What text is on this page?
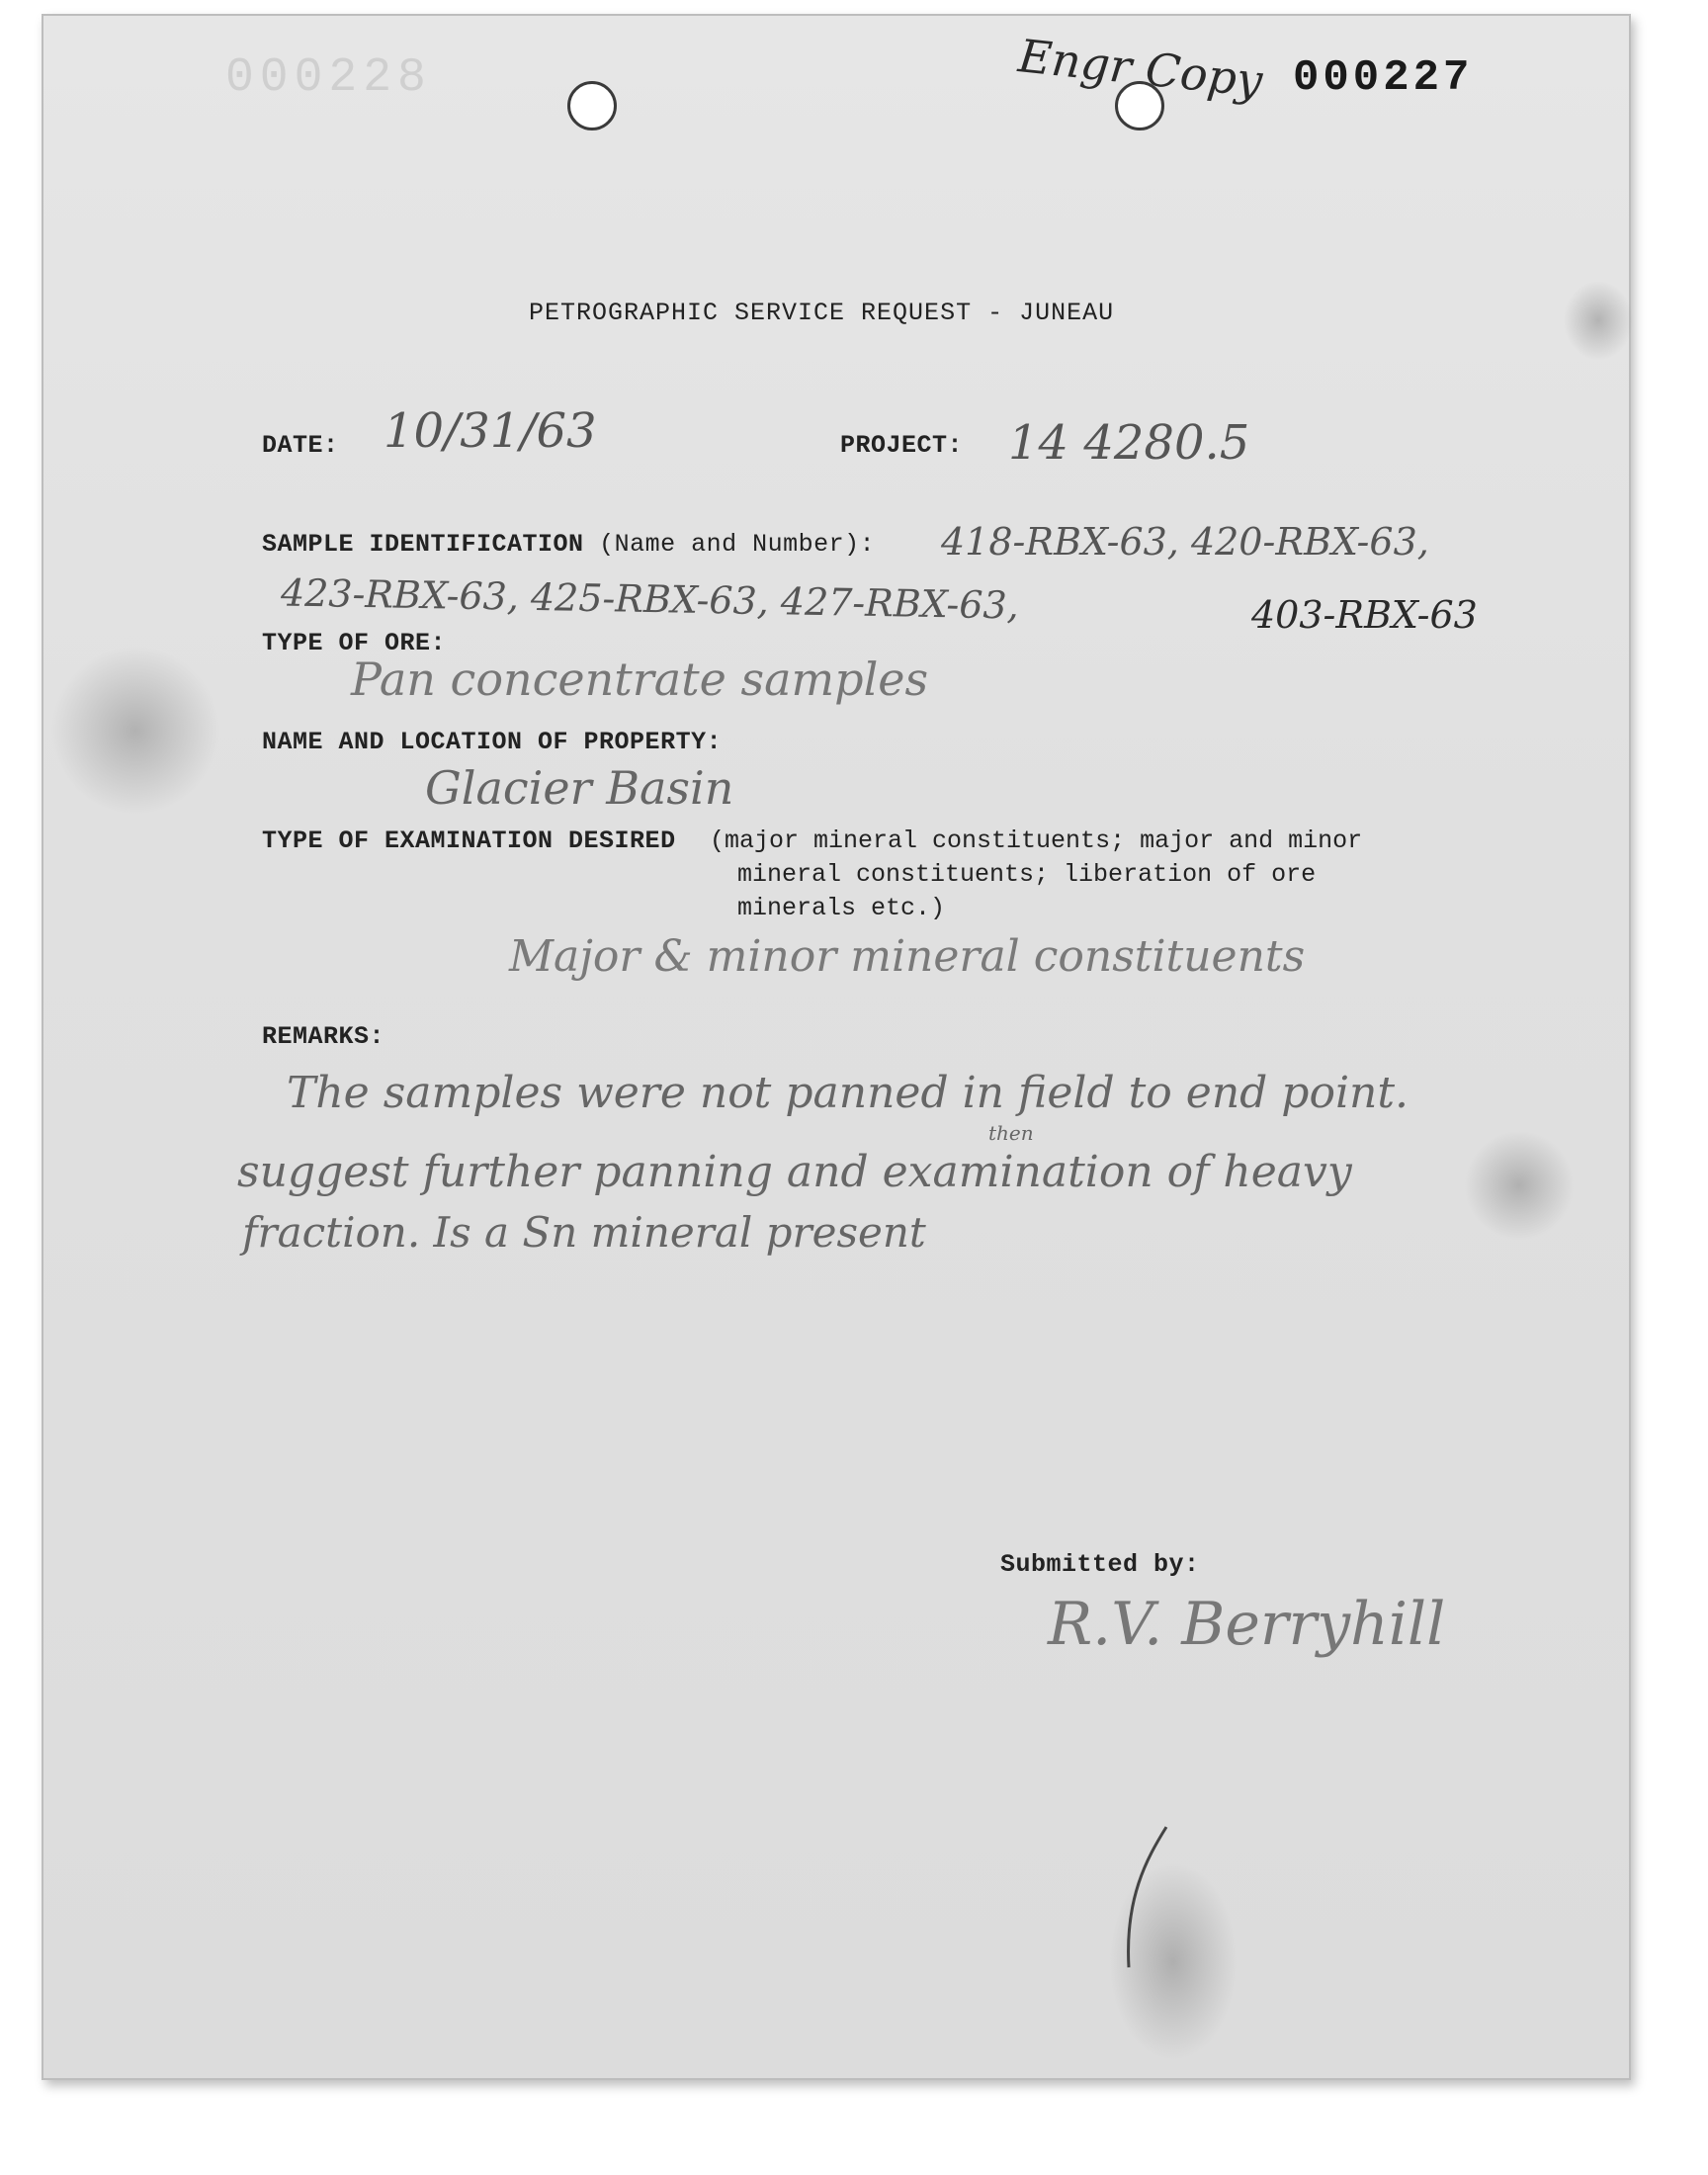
000228	Engr Copy 000227
PETROGRAPHIC SERVICE REQUEST - JUNEAU
DATE: 10/31/63	PROJECT: 14 4280.5
SAMPLE IDENTIFICATION (Name and Number): 418-RBX-63, 420-RBX-63,
423-RBX-63, 425-RBX-63, 427-RBX-63,	403-RBX-63
TYPE OF ORE:
Pan concentrate samples
NAME AND LOCATION OF PROPERTY:
Glacier Basin
TYPE OF EXAMINATION DESIRED (major mineral constituents; major and minor
mineral constituents; liberation of ore
minerals etc.)
Major & minor mineral constituents
REMARKS:
The samples were not panned in field to end point.
then
suggest further panning and examination of heavy
fraction. Is a Sn mineral present
Submitted by:
R.V. Berryhill
